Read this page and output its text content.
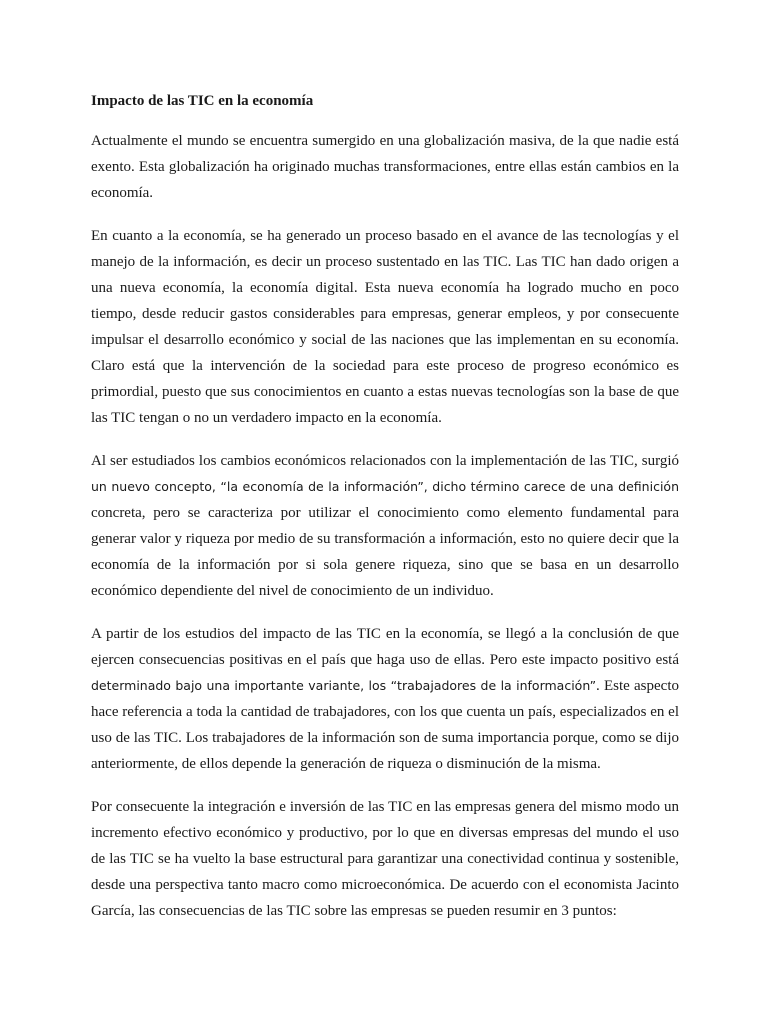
Impacto de las TIC en la economía

Actualmente el mundo se encuentra sumergido en una globalización masiva, de la que nadie está exento. Esta globalización ha originado muchas transformaciones, entre ellas están cambios en la economía.

En cuanto a la economía, se ha generado un proceso basado en el avance de las tecnologías y el manejo de la información, es decir un proceso sustentado en las TIC. Las TIC han dado origen a una nueva economía, la economía digital. Esta nueva economía ha logrado mucho en poco tiempo, desde reducir gastos considerables para empresas, generar empleos, y por consecuente impulsar el desarrollo económico y social de las naciones que las implementan en su economía. Claro está que la intervención de la sociedad para este proceso de progreso económico es primordial, puesto que sus conocimientos en cuanto a estas nuevas tecnologías son la base de que las TIC tengan o no un verdadero impacto en la economía.

Al ser estudiados los cambios económicos relacionados con la implementación de las TIC, surgió un nuevo concepto, “la economía de la información”, dicho término carece de una definición concreta, pero se caracteriza por utilizar el conocimiento como elemento fundamental para generar valor y riqueza por medio de su transformación a información, esto no quiere decir que la economía de la información por si sola genere riqueza, sino que se basa en un desarrollo económico dependiente del nivel de conocimiento de un individuo.

A partir de los estudios del impacto de las TIC en la economía, se llegó a la conclusión de que ejercen consecuencias positivas en el país que haga uso de ellas. Pero este impacto positivo está determinado bajo una importante variante, los “trabajadores de la información”. Este aspecto hace referencia a toda la cantidad de trabajadores, con los que cuenta un país, especializados en el uso de las TIC. Los trabajadores de la información son de suma importancia porque, como se dijo anteriormente, de ellos depende la generación de riqueza o disminución de la misma.

Por consecuente la integración e inversión de las TIC en las empresas genera del mismo modo un incremento efectivo económico y productivo, por lo que en diversas empresas del mundo el uso de las TIC se ha vuelto la base estructural para garantizar una conectividad continua y sostenible, desde una perspectiva tanto macro como microeconómica. De acuerdo con el economista Jacinto García, las consecuencias de las TIC sobre las empresas se pueden resumir en 3 puntos:
